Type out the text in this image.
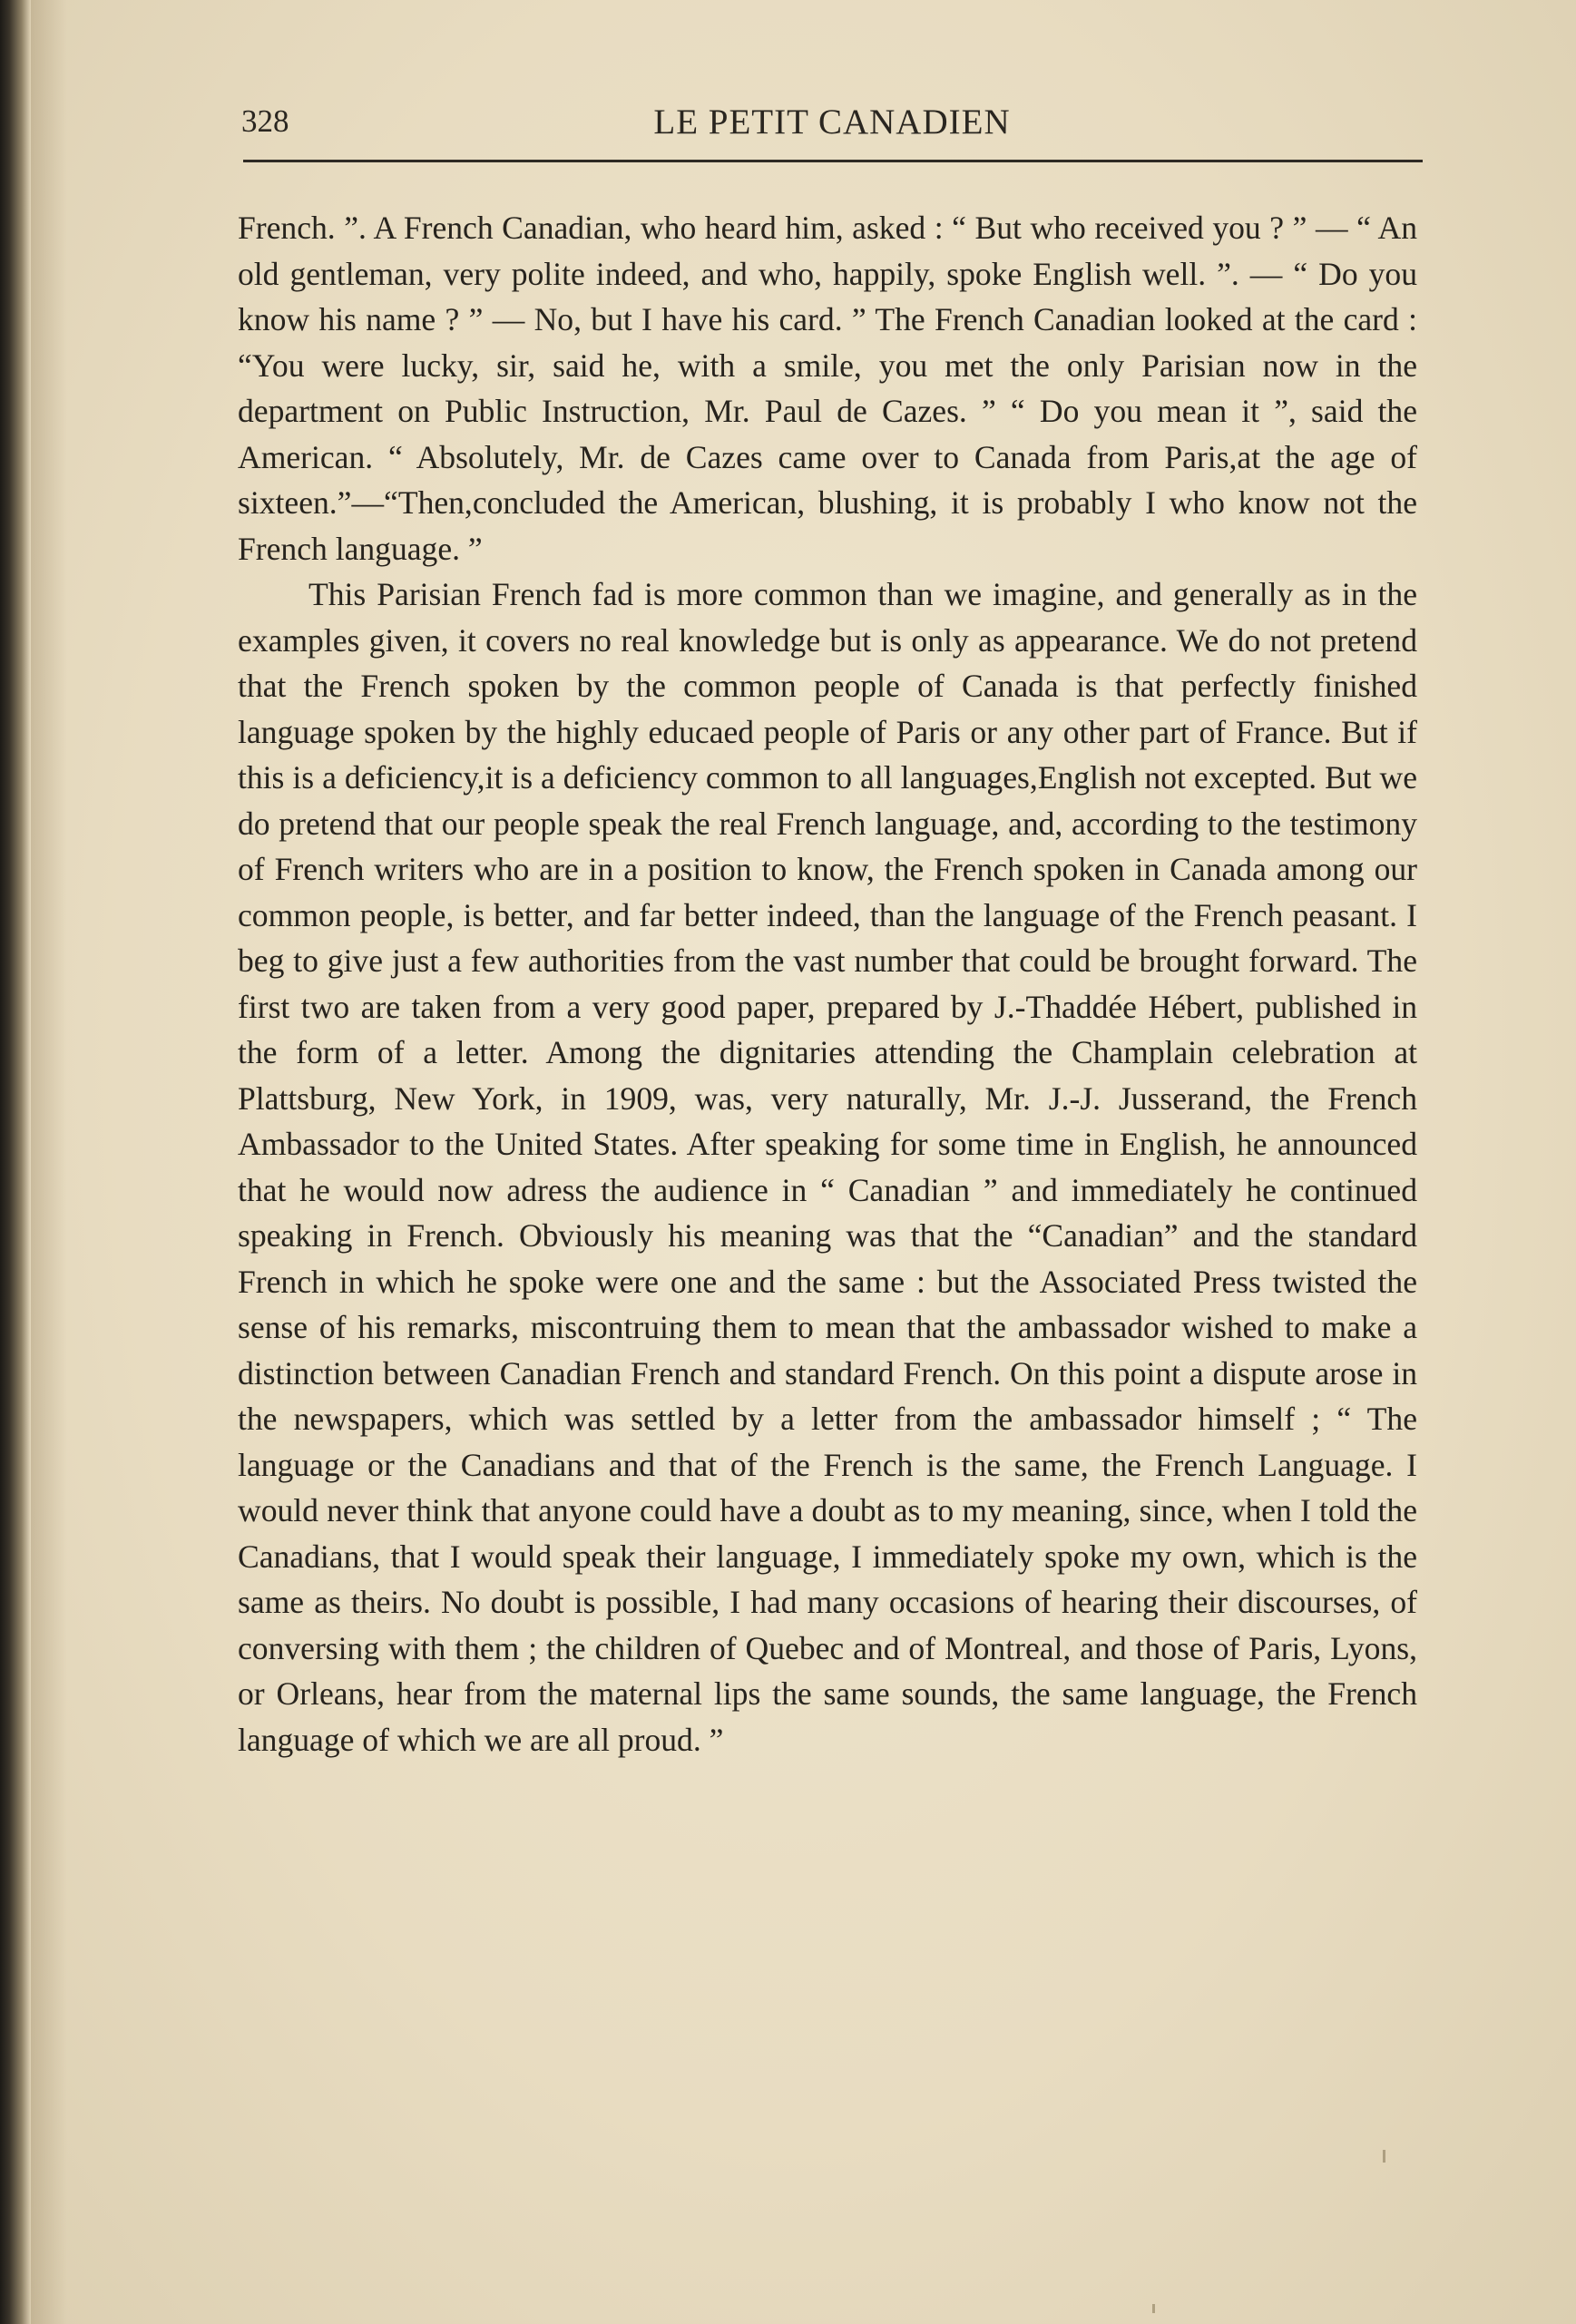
328	LE PETIT CANADIEN

French. ”. A French Canadian, who heard him, asked : “ But who received you ? ” — “ An old gentleman, very polite indeed, and who, happily, spoke English well. ”. — “ Do you know his name ? ” — No, but I have his card. ” The French Canadian looked at the card : “You were lucky, sir, said he, with a smile, you met the only Parisian now in the department on Public Instruction, Mr. Paul de Cazes. ” “ Do you mean it ”, said the American. “ Absolutely, Mr. de Cazes came over to Canada from Paris,at the age of sixteen.”—“Then,concluded the American, blushing, it is probably I who know not the French language. ”

This Parisian French fad is more common than we imagine, and generally as in the examples given, it covers no real knowledge but is only as appearance. We do not pretend that the French spoken by the common people of Canada is that perfectly finished language spoken by the highly educaed people of Paris or any other part of France. But if this is a deficiency,it is a deficiency common to all languages,English not excepted. But we do pretend that our people speak the real French language, and, according to the testimony of French writers who are in a position to know, the French spoken in Canada among our common people, is better, and far better indeed, than the language of the French peasant. I beg to give just a few authorities from the vast number that could be brought forward. The first two are taken from a very good paper, prepared by J.-Thaddée Hébert, published in the form of a letter. Among the dignitaries attending the Champlain celebration at Plattsburg, New York, in 1909, was, very naturally, Mr. J.-J. Jusserand, the French Ambassador to the United States. After speaking for some time in English, he announced that he would now adress the audience in “ Canadian ” and immediately he continued speaking in French. Obviously his meaning was that the “Canadian” and the standard French in which he spoke were one and the same : but the Associated Press twisted the sense of his remarks, miscontruing them to mean that the ambassador wished to make a distinction between Canadian French and standard French. On this point a dispute arose in the newspapers, which was settled by a letter from the ambassador himself ; “ The language or the Canadians and that of the French is the same, the French Language. I would never think that anyone could have a doubt as to my meaning, since, when I told the Canadians, that I would speak their language, I immediately spoke my own, which is the same as theirs. No doubt is possible, I had many occasions of hearing their discourses, of conversing with them ; the children of Quebec and of Montreal, and those of Paris, Lyons, or Orleans, hear from the maternal lips the same sounds, the same language, the French language of which we are all proud. ”
